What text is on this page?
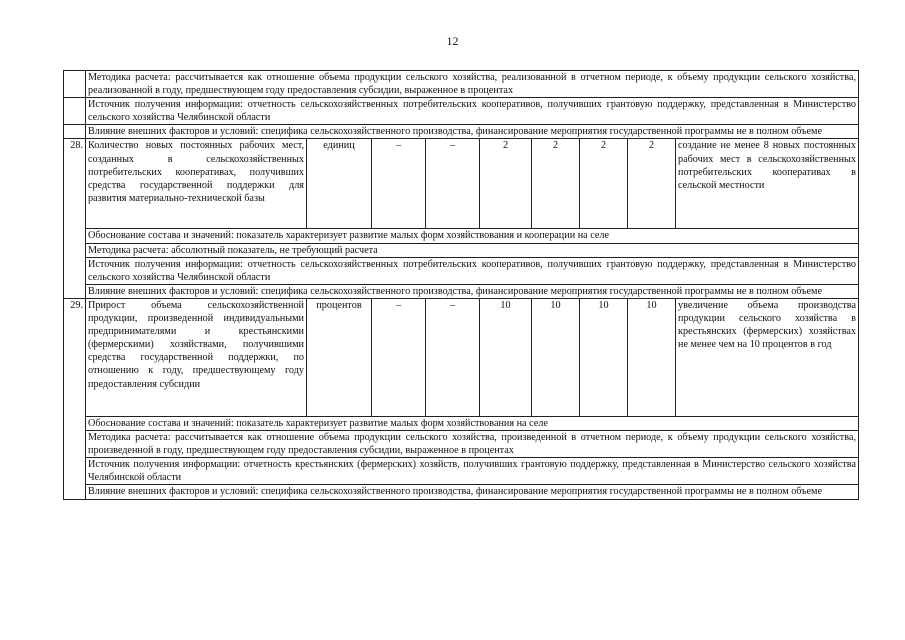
12
	Методика расчета: рассчитывается как отношение объема продукции сельского хозяйства, реализованной в отчетном периоде, к объему продукции сельского хозяйства, реализованной в году, предшествующем году предоставления субсидии, выраженное в процентах								
	Источник получения информации: отчетность сельскохозяйственных потребительских кооперативов, получивших грантовую поддержку, представленная в Министерство сельского хозяйства Челябинской области								
	Влияние внешних факторов и условий: специфика сельскохозяйственного производства, финансирование мероприятия государственной программы не в полном объеме								
28.	Количество новых постоянных рабочих мест, созданных в сельскохозяйственных потребительских кооперативах, получивших средства государственной поддержки для развития материально-технической базы	единиц	–	–	2	2	2	2	создание не менее 8 новых постоянных рабочих мест в сельскохозяйственных потребительских кооперативах в сельской местности
	Обоснование состава и значений: показатель характеризует развитие малых форм хозяйствования и кооперации на селе								
	Методика расчета: абсолютный показатель, не требующий расчета								
	Источник получения информации: отчетность сельскохозяйственных потребительских кооперативов, получивших грантовую поддержку, представленная в Министерство сельского хозяйства Челябинской области								
	Влияние внешних факторов и условий: специфика сельскохозяйственного производства, финансирование мероприятия государственной программы не в полном объеме								
29.	Прирост объема сельскохозяйственной продукции, произведенной индивидуальными предпринимателями и крестьянскими (фермерскими) хозяйствами, получившими средства государственной поддержки, по отношению к году, предшествующему году предоставления субсидии	процентов	–	–	10	10	10	10	увеличение объема производства продукции сельского хозяйства в крестьянских (фермерских) хозяйствах не менее чем на 10 процентов в год
	Обоснование состава и значений: показатель характеризует развитие малых форм хозяйствования на селе								
	Методика расчета: рассчитывается как отношение объема продукции сельского хозяйства, произведенной в отчетном периоде, к объему продукции сельского хозяйства, произведенной в году, предшествующем году предоставления субсидии, выраженное в процентах								
	Источник получения информации: отчетность крестьянских (фермерских) хозяйств, получивших грантовую поддержку, представленная в Министерство сельского хозяйства Челябинской области								
	Влияние внешних факторов и условий: специфика сельскохозяйственного производства, финансирование мероприятия государственной программы не в полном объеме								
